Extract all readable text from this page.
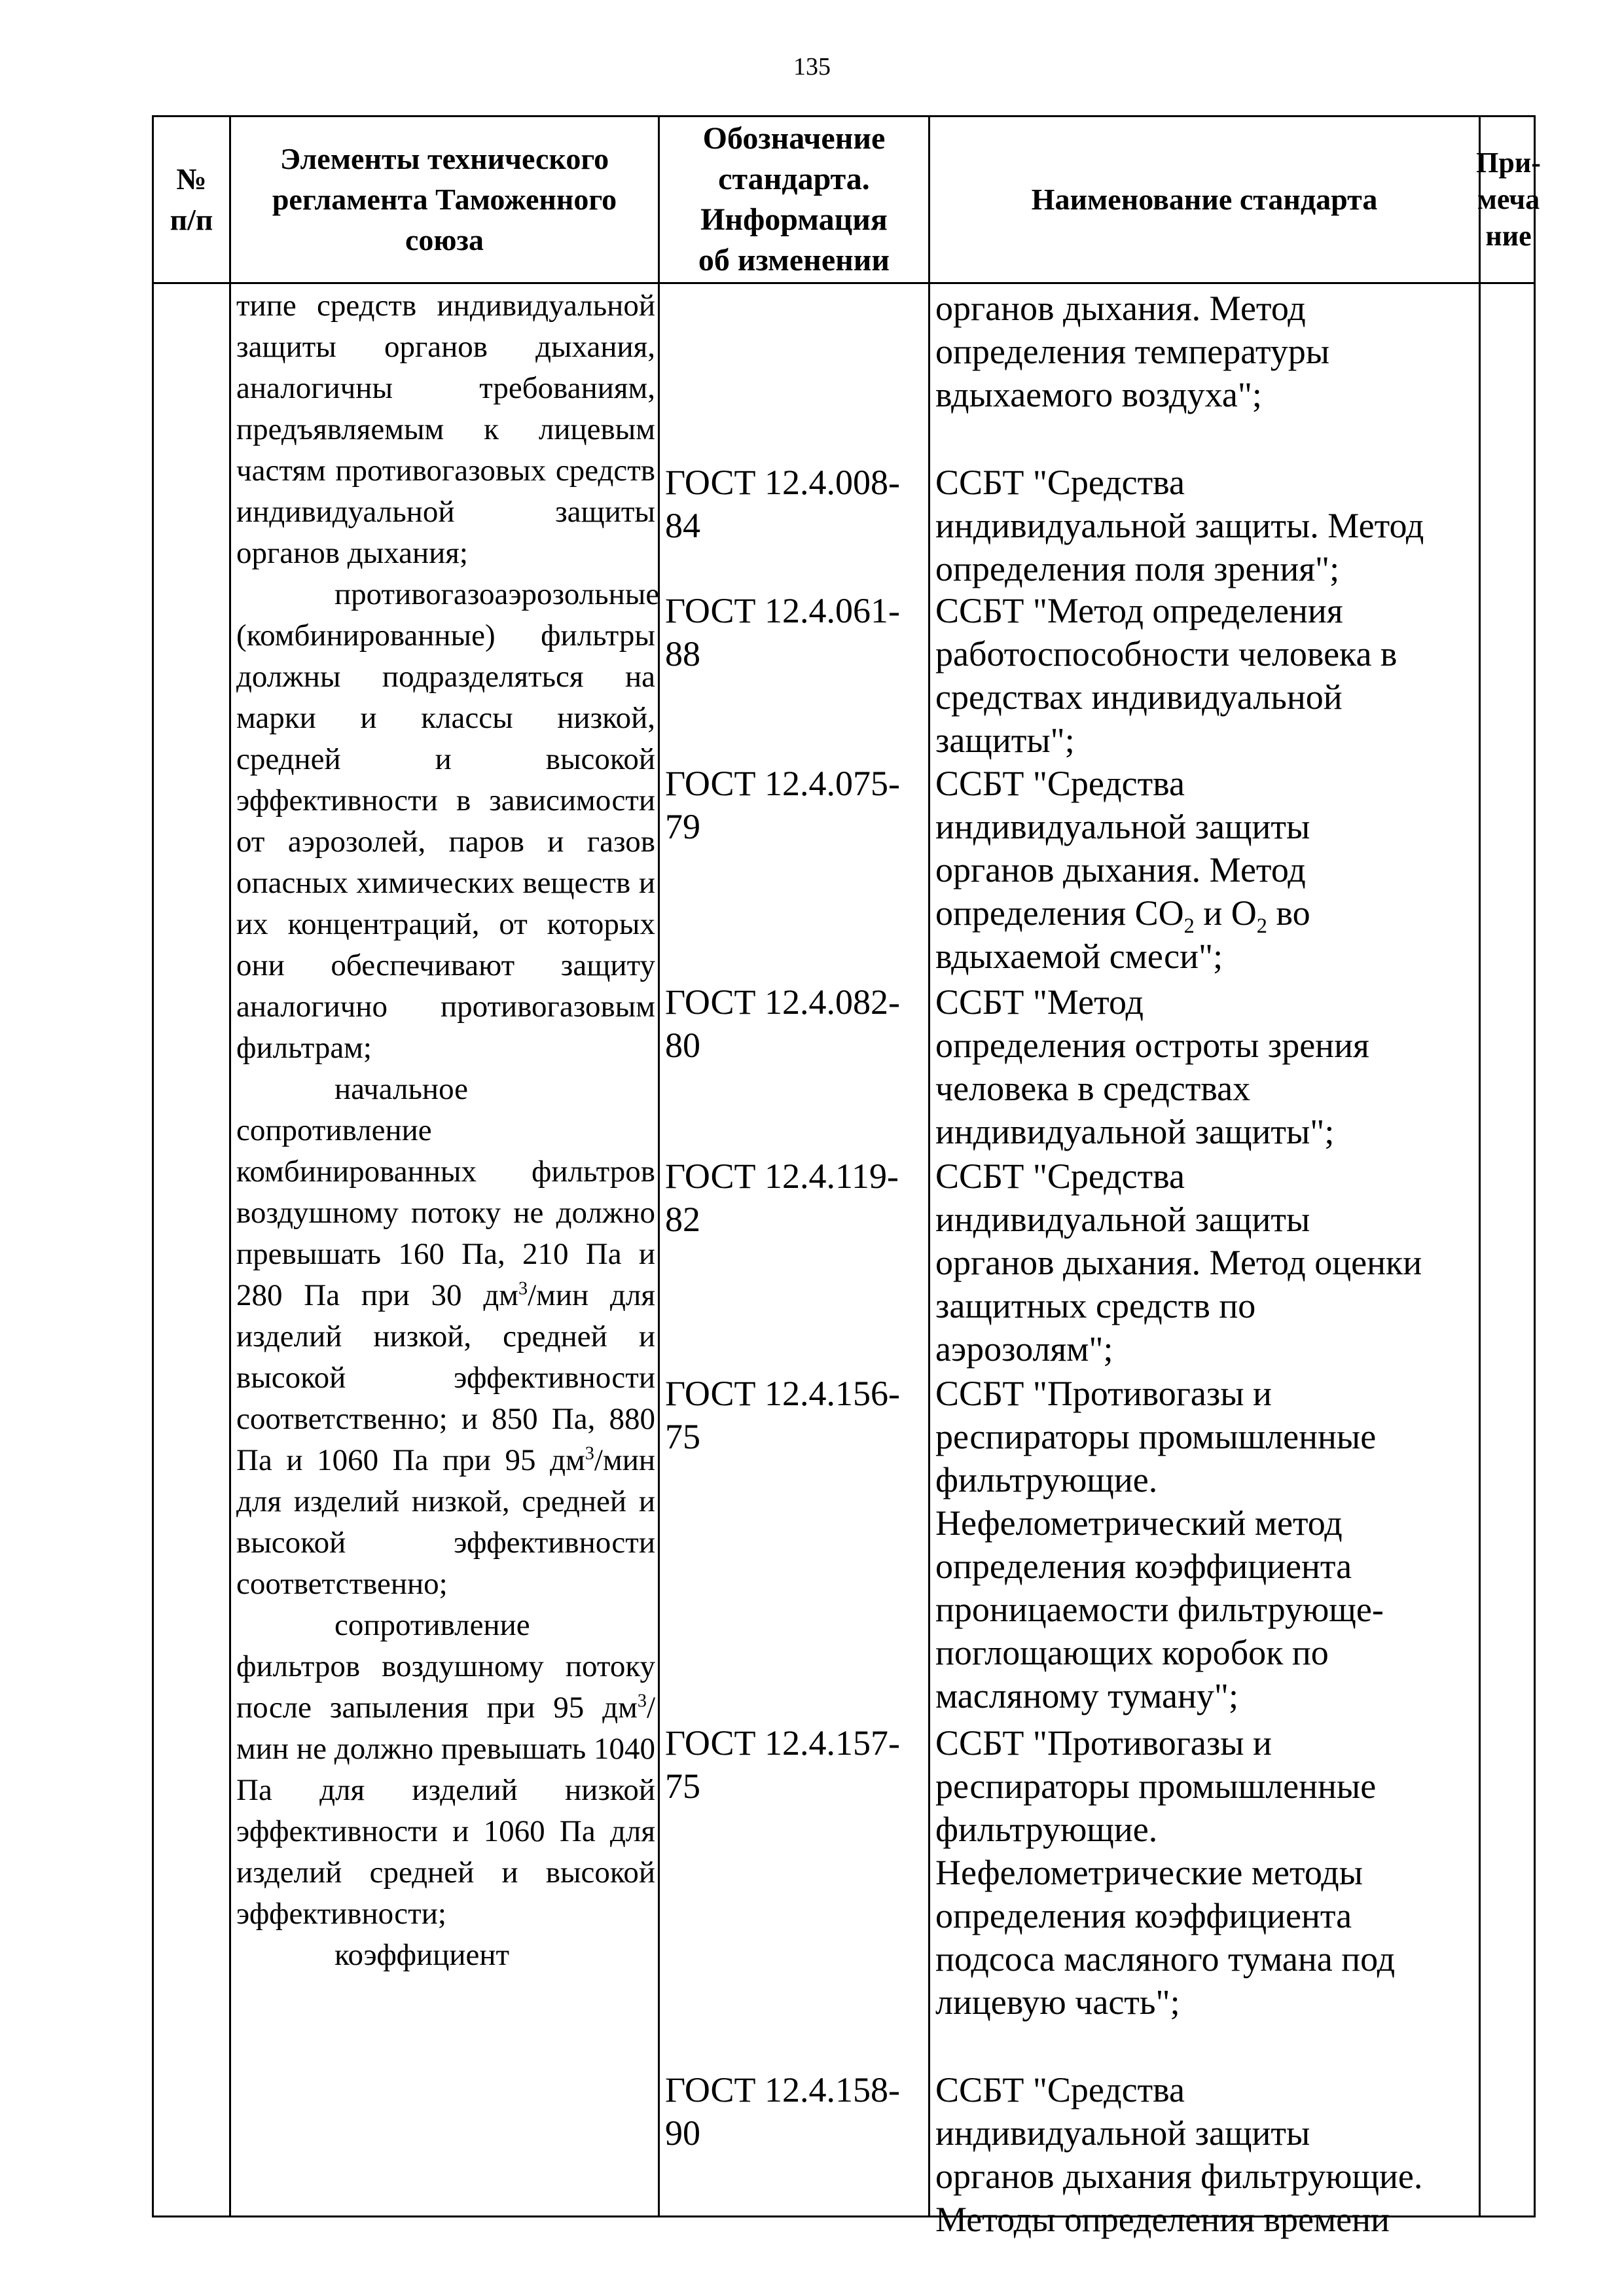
135
№
п/п
Элементы технического
регламента Таможенного
союза
Обозначение
стандарта.
Информация
об изменении
Наименование стандарта
При-
меча
ние

типе средств индивидуальной защиты органов дыхания, аналогичны требованиям, предъявляемым к лицевым частям противогазовых средств индивидуальной защиты органов дыхания;

противогазоаэрозольные (комбинированные) фильтры должны подразделяться на марки и классы низкой, средней и высокой эффективности в зависимости от аэрозолей, паров и газов опасных химических веществ и их концентраций, от которых они обеспечивают защиту аналогично противогазовым фильтрам;

начальное сопротивление комбинированных фильтров воздушному потоку не должно превышать 160 Па, 210 Па и 280 Па при 30 $дм^3$/мин для изделий низкой, средней и высокой эффективности соответственно; и 850 Па, 880 Па и 1060 Па при 95 $дм^3$/мин для изделий низкой, средней и высокой эффективности соответственно;

сопротивление фильтров воздушному потоку после запыления при 95 $дм^3$/мин не должно превышать 1040 Па для изделий низкой эффективности и 1060 Па для изделий средней и высокой эффективности;

коэффициент

ГОСТ 12.4.008-

84

ГОСТ 12.4.061-

88

ГОСТ 12.4.075-

79

ГОСТ 12.4.082-

80

ГОСТ 12.4.119-

82

ГОСТ 12.4.156-

75

ГОСТ 12.4.157-

75

ГОСТ 12.4.158-

90

органов дыхания. Метод

определения температуры

вдыхаемого воздуха";

ССБТ "Средства

индивидуальной защиты. Метод

определения поля зрения";

ССБТ "Метод определения

работоспособности человека в

средствах индивидуальной

защиты";

ССБТ "Средства

индивидуальной защиты

органов дыхания. Метод

определения $СО_2$ и $О_2$ во

вдыхаемой смеси";

ССБТ "Метод

определения остроты зрения

человека в средствах

индивидуальной защиты";

ССБТ "Средства

индивидуальной защиты

органов дыхания. Метод оценки

защитных средств по

аэрозолям";

ССБТ "Противогазы и

респираторы промышленные

фильтрующие.

Нефелометрический метод

определения коэффициента

проницаемости фильтрующе-

поглощающих коробок по

масляному туману";

ССБТ "Противогазы и

респираторы промышленные

фильтрующие.

Нефелометрические методы

определения коэффициента

подсоса масляного тумана под

лицевую часть";

ССБТ "Средства

индивидуальной защиты

органов дыхания фильтрующие.

Методы определения времени
